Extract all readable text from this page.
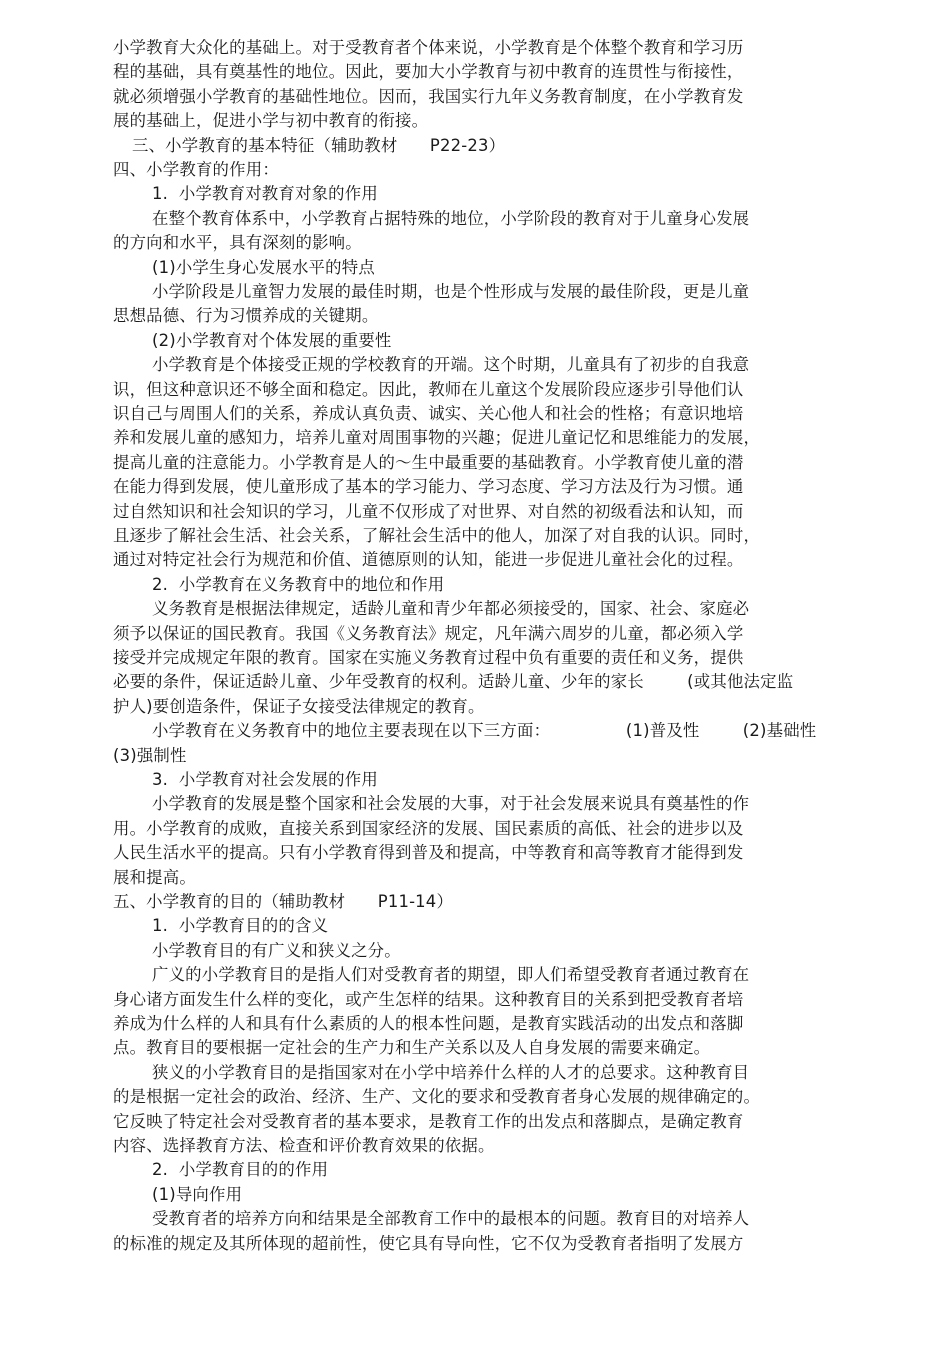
小学教育大众化的基础上。对于受教育者个体来说，小学教育是个体整个教育和学习历
程的基础，具有奠基性的地位。因此，要加大小学教育与初中教育的连贯性与衔接性，
就必须增强小学教育的基础性地位。因而，我国实行九年义务教育制度，在小学教育发
展的基础上，促进小学与初中教育的衔接。
三、小学教育的基本特征（辅助教材      P22-23）
四、小学教育的作用：
1.  小学教育对教育对象的作用
在整个教育体系中，小学教育占据特殊的地位，小学阶段的教育对于儿童身心发展
的方向和水平，具有深刻的影响。
(1)小学生身心发展水平的特点
小学阶段是儿童智力发展的最佳时期，也是个性形成与发展的最佳阶段，更是儿童
思想品德、行为习惯养成的关键期。
(2)小学教育对个体发展的重要性
小学教育是个体接受正规的学校教育的开端。这个时期，儿童具有了初步的自我意
识，但这种意识还不够全面和稳定。因此，教师在儿童这个发展阶段应逐步引导他们认
识自己与周围人们的关系，养成认真负责、诚实、关心他人和社会的性格；有意识地培
养和发展儿童的感知力，培养儿童对周围事物的兴趣；促进儿童记忆和思维能力的发展，
提高儿童的注意能力。小学教育是人的～生中最重要的基础教育。小学教育使儿童的潜
在能力得到发展，使儿童形成了基本的学习能力、学习态度、学习方法及行为习惯。通
过自然知识和社会知识的学习，儿童不仅形成了对世界、对自然的初级看法和认知，而
且逐步了解社会生活、社会关系，了解社会生活中的他人，加深了对自我的认识。同时，
通过对特定社会行为规范和价值、道德原则的认知，能进一步促进儿童社会化的过程。
2.  小学教育在义务教育中的地位和作用
义务教育是根据法律规定，适龄儿童和青少年都必须接受的，国家、社会、家庭必
须予以保证的国民教育。我国《义务教育法》规定，凡年满六周岁的儿童，都必须入学
接受并完成规定年限的教育。国家在实施义务教育过程中负有重要的责任和义务，提供
必要的条件，保证适龄儿童、少年受教育的权利。适龄儿童、少年的家长        (或其他法定监
护人)要创造条件，保证子女接受法律规定的教育。
小学教育在义务教育中的地位主要表现在以下三方面：              (1)普及性        (2)基础性
(3)强制性
3.  小学教育对社会发展的作用
小学教育的发展是整个国家和社会发展的大事，对于社会发展来说具有奠基性的作
用。小学教育的成败，直接关系到国家经济的发展、国民素质的高低、社会的进步以及
人民生活水平的提高。只有小学教育得到普及和提高，中等教育和高等教育才能得到发
展和提高。
五、小学教育的目的（辅助教材      P11-14）
1.  小学教育目的的含义
小学教育目的有广义和狭义之分。
广义的小学教育目的是指人们对受教育者的期望，即人们希望受教育者通过教育在
身心诸方面发生什么样的变化，或产生怎样的结果。这种教育目的关系到把受教育者培
养成为什么样的人和具有什么素质的人的根本性问题，是教育实践活动的出发点和落脚
点。教育目的要根据一定社会的生产力和生产关系以及人自身发展的需要来确定。
狭义的小学教育目的是指国家对在小学中培养什么样的人才的总要求。这种教育目
的是根据一定社会的政治、经济、生产、文化的要求和受教育者身心发展的规律确定的。
它反映了特定社会对受教育者的基本要求，是教育工作的出发点和落脚点，是确定教育
内容、选择教育方法、检查和评价教育效果的依据。
2.  小学教育目的的作用
(1)导向作用
受教育者的培养方向和结果是全部教育工作中的最根本的问题。教育目的对培养人
的标准的规定及其所体现的超前性，使它具有导向性，它不仅为受教育者指明了发展方
